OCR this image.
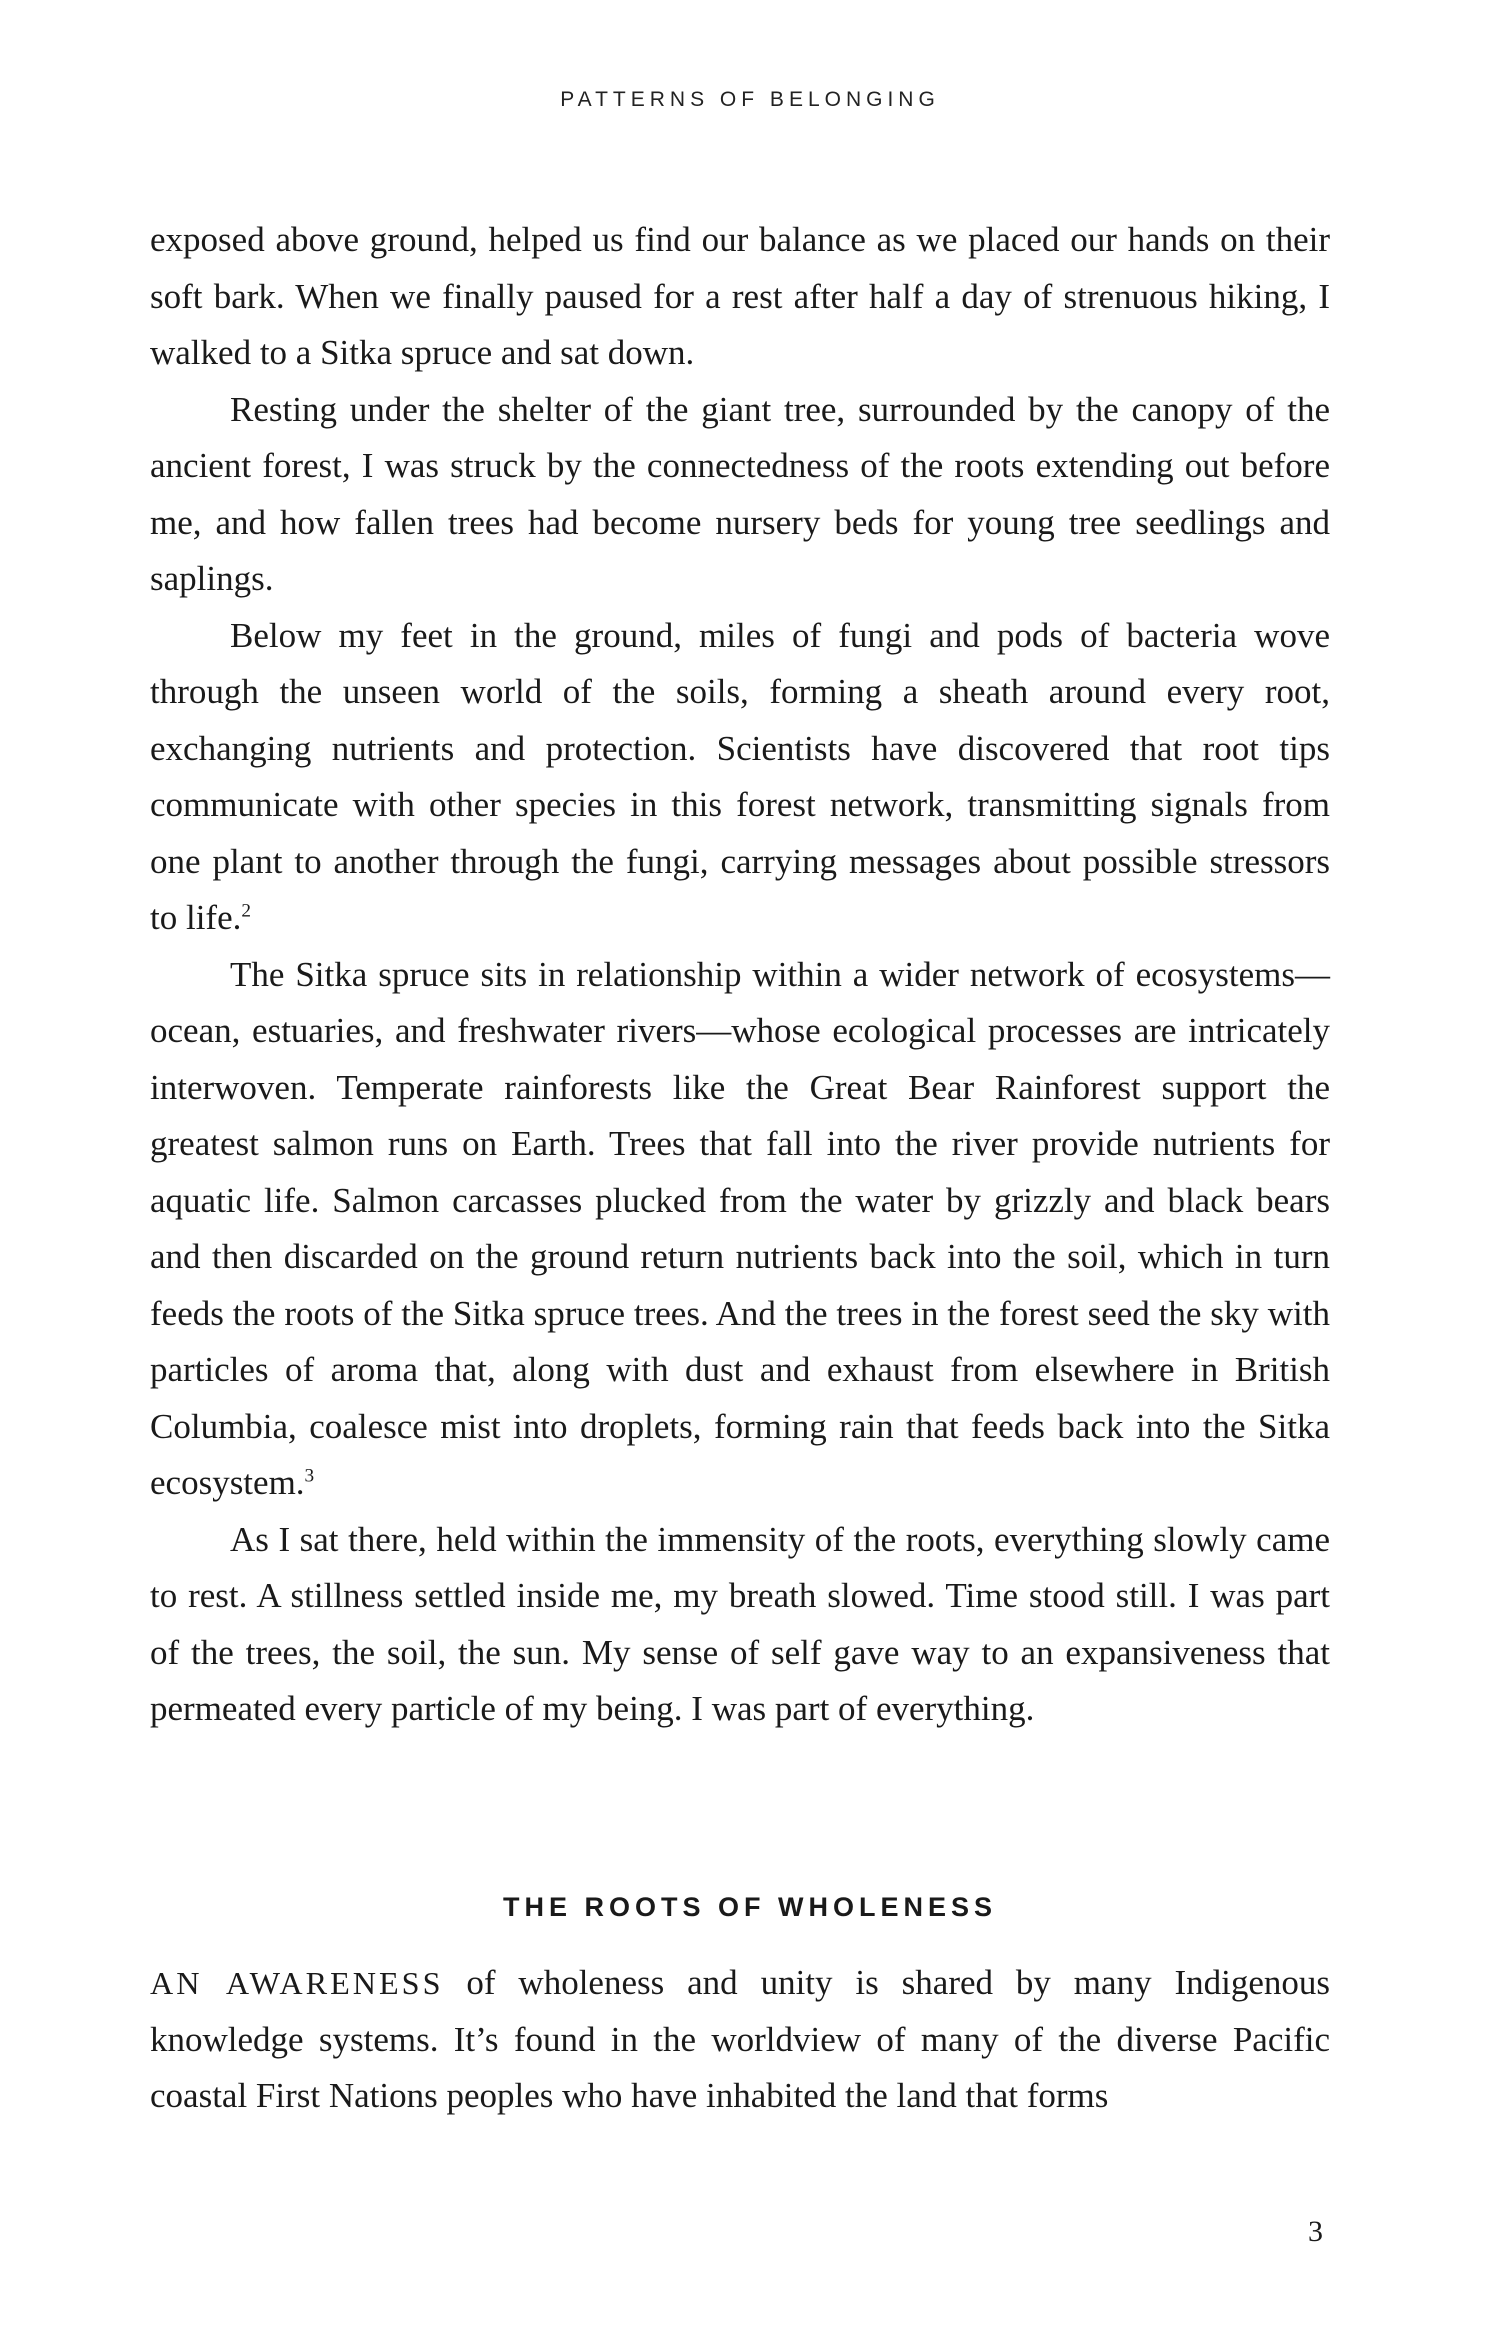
PATTERNS OF BELONGING

exposed above ground, helped us find our balance as we placed our hands on their soft bark. When we finally paused for a rest after half a day of strenuous hiking, I walked to a Sitka spruce and sat down.

Resting under the shelter of the giant tree, surrounded by the canopy of the ancient forest, I was struck by the connectedness of the roots extending out before me, and how fallen trees had become nursery beds for young tree seedlings and saplings.

Below my feet in the ground, miles of fungi and pods of bacteria wove through the unseen world of the soils, forming a sheath around every root, exchanging nutrients and protection. Scientists have discovered that root tips communicate with other species in this forest network, transmitting signals from one plant to another through the fungi, carrying messages about possible stressors to life.$^2$

The Sitka spruce sits in relationship within a wider network of ecosystems—ocean, estuaries, and freshwater rivers—whose ecological processes are intricately interwoven. Temperate rainforests like the Great Bear Rainforest support the greatest salmon runs on Earth. Trees that fall into the river provide nutrients for aquatic life. Salmon carcasses plucked from the water by grizzly and black bears and then discarded on the ground return nutrients back into the soil, which in turn feeds the roots of the Sitka spruce trees. And the trees in the forest seed the sky with particles of aroma that, along with dust and exhaust from elsewhere in British Columbia, coalesce mist into droplets, forming rain that feeds back into the Sitka ecosystem.$^3$

As I sat there, held within the immensity of the roots, everything slowly came to rest. A stillness settled inside me, my breath slowed. Time stood still. I was part of the trees, the soil, the sun. My sense of self gave way to an expansiveness that permeated every particle of my being. I was part of everything.

THE ROOTS OF WHOLENESS

AN AWARENESS of wholeness and unity is shared by many Indigenous knowledge systems. It’s found in the worldview of many of the diverse Pacific coastal First Nations peoples who have inhabited the land that forms

3
